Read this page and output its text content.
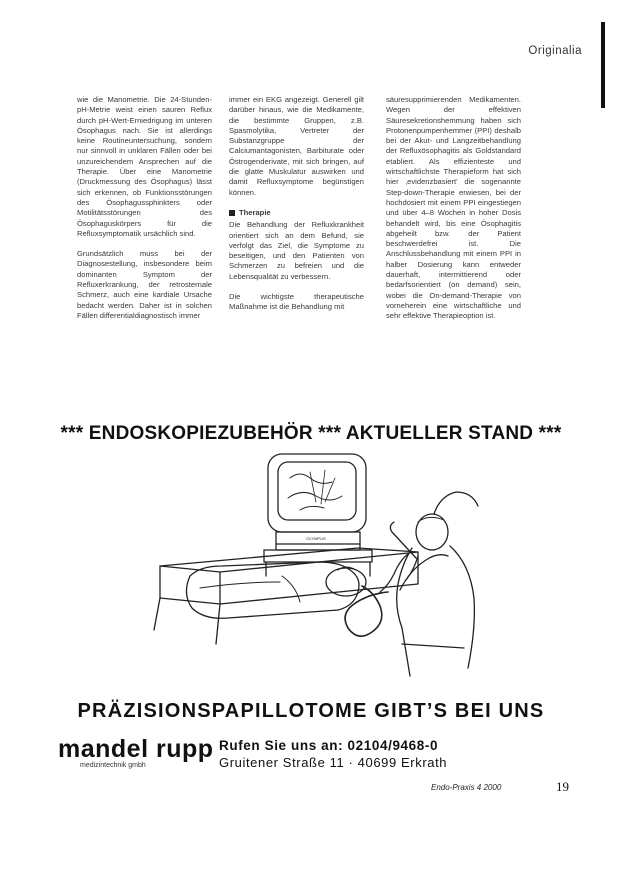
Originalia

wie die Manometrie. Die 24-Stunden-pH-Metrie weist einen sauren Reflux durch pH-Wert-Erniedrigung im unteren Ösophagus nach. Sie ist allerdings keine Routineuntersuchung, sondern nur sinnvoll in unklaren Fällen oder bei unzureichendem Ansprechen auf die Therapie. Über eine Manometrie (Druckmessung des Ösophagus) lässt sich erkennen, ob Funktionsstörungen des Ösophagussphinkters oder Motilitätsstörungen des Ösophaguskörpers für die Refluxsymptomatik ursächlich sind.

Grundsätzlich muss bei der Diagnosestellung, insbesondere beim dominanten Symptom der Refluxerkrankung, der retrosternale Schmerz, auch eine kardiale Ursache bedacht werden. Daher ist in solchen Fällen differentialdiagnostisch immer

immer ein EKG angezeigt. Generell gilt darüber hinaus, wie die Medikamente, die bestimmte Gruppen, z.B. Spasmolytika, Vertreter der Substanzgruppe der Calciumantagonisten, Barbiturate oder Östrogenderivate, mit sich bringen, auf die glatte Muskulatur auswirken und damit Refluxsymptome begünstigen können.

Therapie

Die Behandlung der Refluxkrankheit orientiert sich an dem Befund, sie verfolgt das Ziel, die Symptome zu beseitigen, und den Patienten von Schmerzen zu befreien und die Lebensqualität zu verbessern.

Die wichtigste therapeutische Maßnahme ist die Behandlung mit

säuresupprimierenden Medikamenten. Wegen der effektiven Säuresekretionshemmung haben sich Protonenpumpenhemmer (PPI) deshalb bei der Akut- und Langzeitbehandlung der Refluxösophagitis als Goldstandard etabliert. Als effizienteste und wirtschaftlichste Therapieform hat sich hier ‚evidenzbasiert' die sogenannte Step-down-Therapie erwiesen, bei der hochdosiert mit einem PPI eingestiegen und über 4–8 Wochen in hoher Dosis behandelt wird, bis eine Ösophagitis abgeheilt bzw. der Patient beschwerdefrei ist. Die Anschlussbehandlung mit einem PPI in halber Dosierung kann entweder dauerhaft, intermittierend oder bedarfsorientiert (on demand) sein, wobei die On-demand-Therapie von vorneherein eine wirtschaftliche und sehr effektive Therapieoption ist.

*** ENDOSKOPIEZUBEHÖR *** AKTUELLER STAND ***
OLYMPUS
PRÄZISIONSPAPILLOTOME GIBT’S BEI UNS
mandel rupp
medizintechnik gmbh
Rufen Sie uns an: 02104/9468-0
Gruitener Straße 11 · 40699 Erkrath
Endo-Praxis 4 2000	19
